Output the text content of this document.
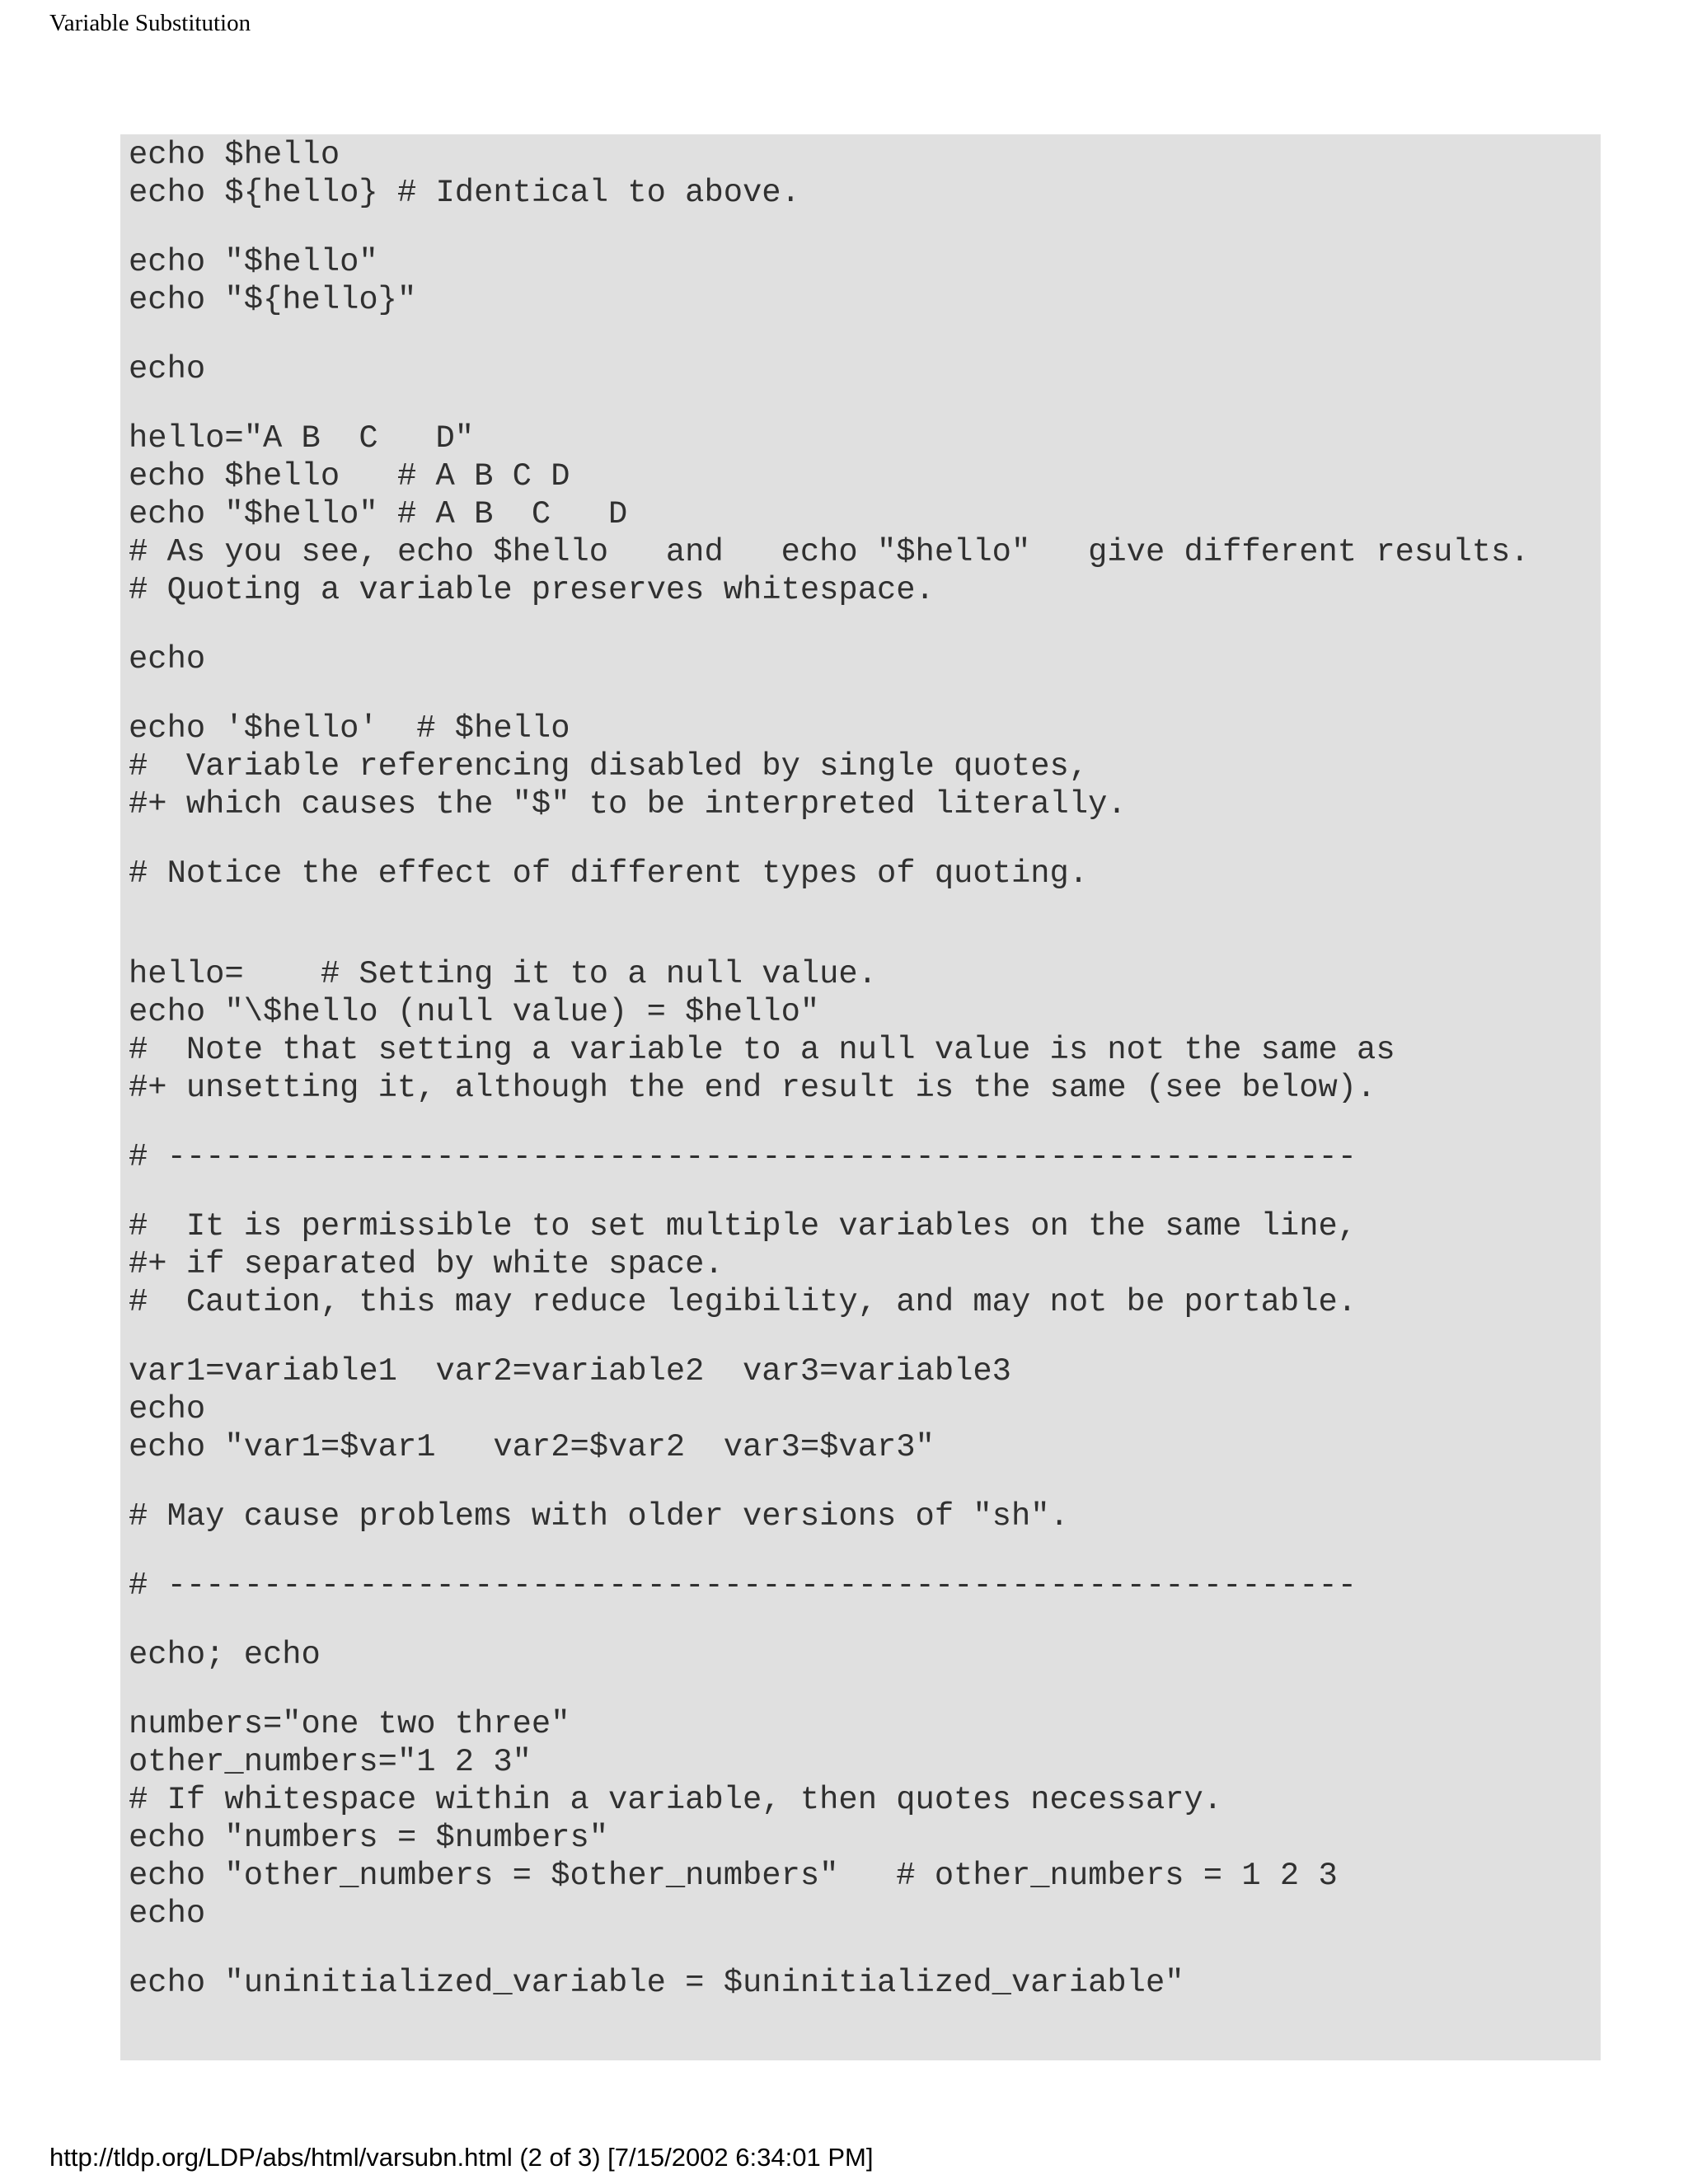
Variable Substitution
echo $hello
echo ${hello} # Identical to above.
echo "$hello"
echo "${hello}"
echo
hello="A B  C   D"
echo $hello   # A B C D
echo "$hello" # A B  C   D
# As you see, echo $hello   and   echo "$hello"   give different results.
# Quoting a variable preserves whitespace.
echo
echo '$hello'  # $hello
#  Variable referencing disabled by single quotes,
#+ which causes the "$" to be interpreted literally.
# Notice the effect of different types of quoting.
hello=    # Setting it to a null value.
echo "\$hello (null value) = $hello"
#  Note that setting a variable to a null value is not the same as
#+ unsetting it, although the end result is the same (see below).
# --------------------------------------------------------------
#  It is permissible to set multiple variables on the same line,
#+ if separated by white space.
#  Caution, this may reduce legibility, and may not be portable.
var1=variable1  var2=variable2  var3=variable3
echo
echo "var1=$var1   var2=$var2  var3=$var3"
# May cause problems with older versions of "sh".
# --------------------------------------------------------------
echo; echo
numbers="one two three"
other_numbers="1 2 3"
# If whitespace within a variable, then quotes necessary.
echo "numbers = $numbers"
echo "other_numbers = $other_numbers"   # other_numbers = 1 2 3
echo
echo "uninitialized_variable = $uninitialized_variable"
http://tldp.org/LDP/abs/html/varsubn.html (2 of 3) [7/15/2002 6:34:01 PM]
